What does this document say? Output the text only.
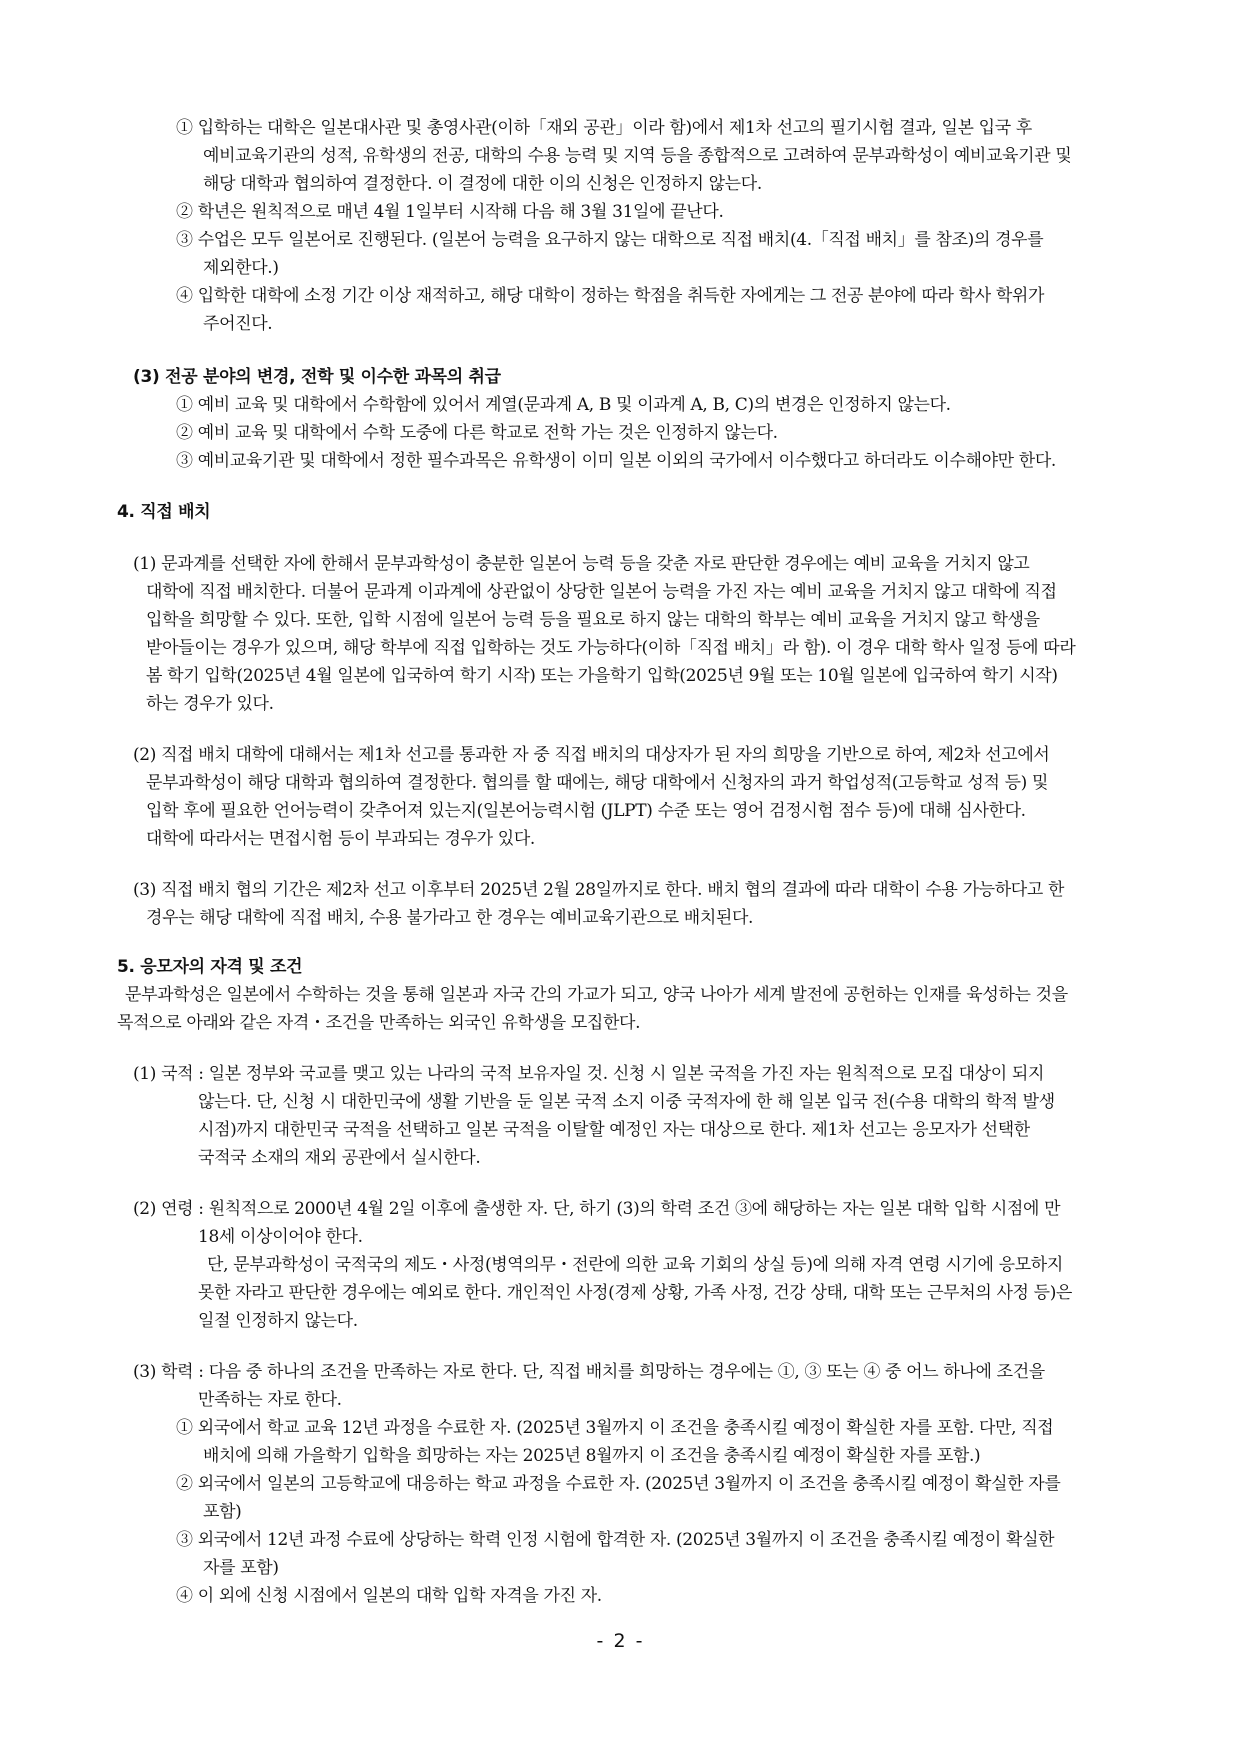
① 입학하는 대학은 일본대사관 및 총영사관(이하「재외 공관」이라 함)에서 제1차 선고의 필기시험 결과, 일본 입국 후
예비교육기관의 성적, 유학생의 전공, 대학의 수용 능력 및 지역 등을 종합적으로 고려하여 문부과학성이 예비교육기관 및
해당 대학과 협의하여 결정한다. 이 결정에 대한 이의 신청은 인정하지 않는다.
② 학년은 원칙적으로 매년 4월 1일부터 시작해 다음 해 3월 31일에 끝난다.
③ 수업은 모두 일본어로 진행된다. (일본어 능력을 요구하지 않는 대학으로 직접 배치(4.「직접 배치」를 참조)의 경우를
제외한다.)
④ 입학한 대학에 소정 기간 이상 재적하고, 해당 대학이 정하는 학점을 취득한 자에게는 그 전공 분야에 따라 학사 학위가
주어진다.
(3) 전공 분야의 변경, 전학 및 이수한 과목의 취급
① 예비 교육 및 대학에서 수학함에 있어서 계열(문과계 A, B 및 이과계 A, B, C)의 변경은 인정하지 않는다.
② 예비 교육 및 대학에서 수학 도중에 다른 학교로 전학 가는 것은 인정하지 않는다.
③ 예비교육기관 및 대학에서 정한 필수과목은 유학생이 이미 일본 이외의 국가에서 이수했다고 하더라도 이수해야만 한다.
4. 직접 배치
(1) 문과계를 선택한 자에 한해서 문부과학성이 충분한 일본어 능력 등을 갖춘 자로 판단한 경우에는 예비 교육을 거치지 않고
대학에 직접 배치한다. 더불어 문과계 이과계에 상관없이 상당한 일본어 능력을 가진 자는 예비 교육을 거치지 않고 대학에 직접
입학을 희망할 수 있다. 또한, 입학 시점에 일본어 능력 등을 필요로 하지 않는 대학의 학부는 예비 교육을 거치지 않고 학생을
받아들이는 경우가 있으며, 해당 학부에 직접 입학하는 것도 가능하다(이하「직접 배치」라 함). 이 경우 대학 학사 일정 등에 따라
봄 학기 입학(2025년 4월 일본에 입국하여 학기 시작) 또는 가을학기 입학(2025년 9월 또는 10월 일본에 입국하여 학기 시작)
하는 경우가 있다.
(2) 직접 배치 대학에 대해서는 제1차 선고를 통과한 자 중 직접 배치의 대상자가 된 자의 희망을 기반으로 하여, 제2차 선고에서
문부과학성이 해당 대학과 협의하여 결정한다. 협의를 할 때에는, 해당 대학에서 신청자의 과거 학업성적(고등학교 성적 등) 및
입학 후에 필요한 언어능력이 갖추어져 있는지(일본어능력시험 (JLPT) 수준 또는 영어 검정시험 점수 등)에 대해 심사한다.
대학에 따라서는 면접시험 등이 부과되는 경우가 있다.
(3) 직접 배치 협의 기간은 제2차 선고 이후부터 2025년 2월 28일까지로 한다. 배치 협의 결과에 따라 대학이 수용 가능하다고 한
경우는 해당 대학에 직접 배치, 수용 불가라고 한 경우는 예비교육기관으로 배치된다.
5. 응모자의 자격 및 조건
문부과학성은 일본에서 수학하는 것을 통해 일본과 자국 간의 가교가 되고, 양국 나아가 세계 발전에 공헌하는 인재를 육성하는 것을
목적으로 아래와 같은 자격・조건을 만족하는 외국인 유학생을 모집한다.
(1) 국적 : 일본 정부와 국교를 맺고 있는 나라의 국적 보유자일 것. 신청 시 일본 국적을 가진 자는 원칙적으로 모집 대상이 되지
않는다. 단, 신청 시 대한민국에 생활 기반을 둔 일본 국적 소지 이중 국적자에 한 해 일본 입국 전(수용 대학의 학적 발생
시점)까지 대한민국 국적을 선택하고 일본 국적을 이탈할 예정인 자는 대상으로 한다. 제1차 선고는 응모자가 선택한
국적국 소재의 재외 공관에서 실시한다.
(2) 연령 : 원칙적으로 2000년 4월 2일 이후에 출생한 자. 단, 하기 (3)의 학력 조건 ③에 해당하는 자는 일본 대학 입학 시점에 만
18세 이상이어야 한다.
단, 문부과학성이 국적국의 제도・사정(병역의무・전란에 의한 교육 기회의 상실 등)에 의해 자격 연령 시기에 응모하지
못한 자라고 판단한 경우에는 예외로 한다. 개인적인 사정(경제 상황, 가족 사정, 건강 상태, 대학 또는 근무처의 사정 등)은
일절 인정하지 않는다.
(3) 학력 : 다음 중 하나의 조건을 만족하는 자로 한다. 단, 직접 배치를 희망하는 경우에는 ①, ③ 또는 ④ 중 어느 하나에 조건을
만족하는 자로 한다.
① 외국에서 학교 교육 12년 과정을 수료한 자. (2025년 3월까지 이 조건을 충족시킬 예정이 확실한 자를 포함. 다만, 직접
배치에 의해 가을학기 입학을 희망하는 자는 2025년 8월까지 이 조건을 충족시킬 예정이 확실한 자를 포함.)
② 외국에서 일본의 고등학교에 대응하는 학교 과정을 수료한 자. (2025년 3월까지 이 조건을 충족시킬 예정이 확실한 자를
포함)
③ 외국에서 12년 과정 수료에 상당하는 학력 인정 시험에 합격한 자. (2025년 3월까지 이 조건을 충족시킬 예정이 확실한
자를 포함)
④ 이 외에 신청 시점에서 일본의 대학 입학 자격을 가진 자.
- 2 -
